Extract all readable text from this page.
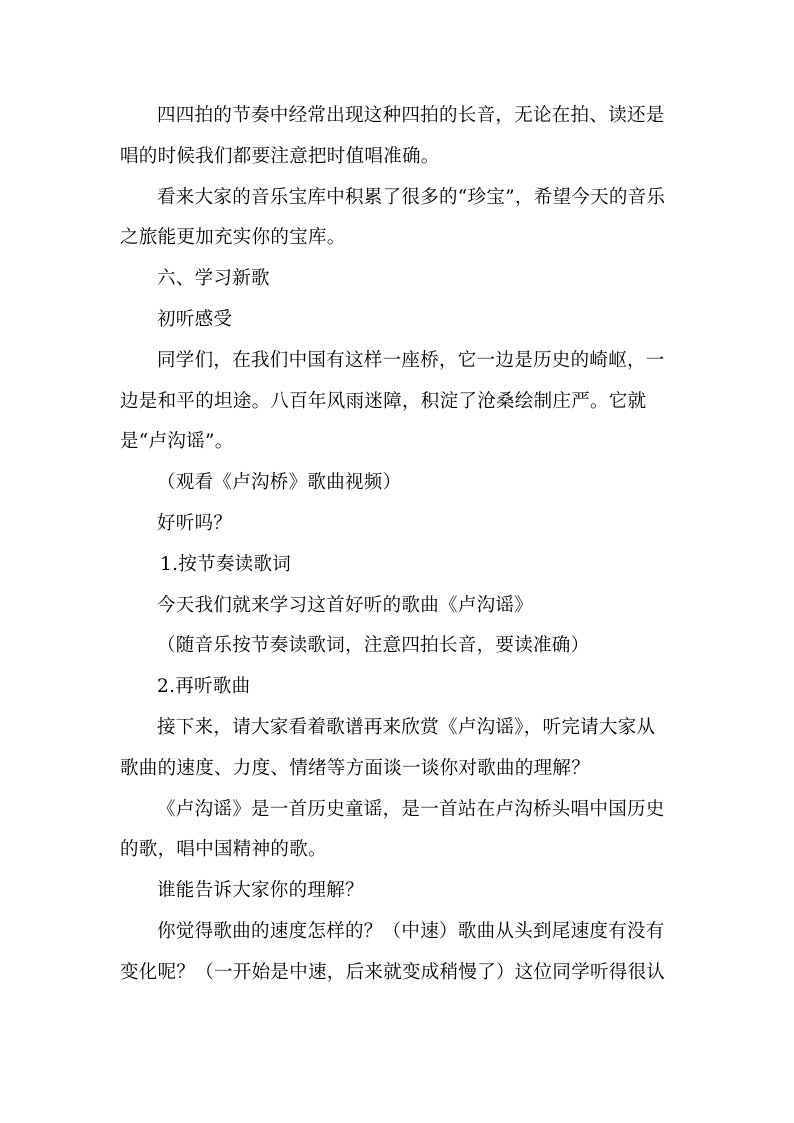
四四拍的节奏中经常出现这种四拍的长音，无论在拍、读还是唱的时候我们都要注意把时值唱准确。

看来大家的音乐宝库中积累了很多的“珍宝”，希望今天的音乐之旅能更加充实你的宝库。

六、学习新歌

初听感受

同学们，在我们中国有这样一座桥，它一边是历史的崎岖，一边是和平的坦途。八百年风雨迷障，积淀了沧桑绘制庄严。它就是“卢沟谣”。

（观看《卢沟桥》歌曲视频）

好听吗？

1.按节奏读歌词

今天我们就来学习这首好听的歌曲《卢沟谣》

（随音乐按节奏读歌词，注意四拍长音，要读准确）

2.再听歌曲

接下来，请大家看着歌谱再来欣赏《卢沟谣》，听完请大家从歌曲的速度、力度、情绪等方面谈一谈你对歌曲的理解？

《卢沟谣》是一首历史童谣，是一首站在卢沟桥头唱中国历史的歌，唱中国精神的歌。

谁能告诉大家你的理解？

你觉得歌曲的速度怎样的？（中速）歌曲从头到尾速度有没有变化呢？（一开始是中速，后来就变成稍慢了）这位同学听得很认
